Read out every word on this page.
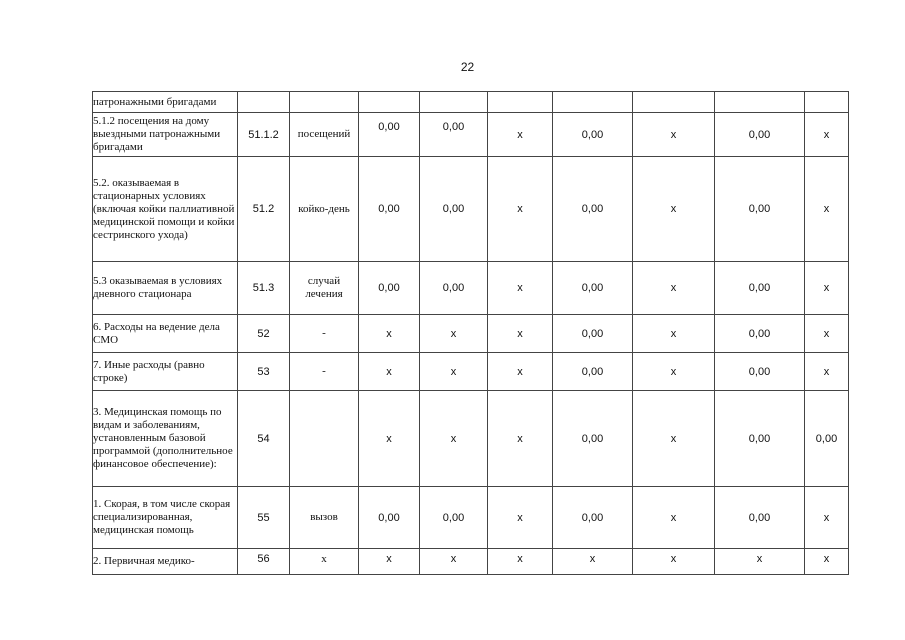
22
патронажными бригадами									
5.1.2 посещения на дому выездными патронажными бригадами	51.1.2	посещений	0,00	0,00	x	0,00	x	0,00	x
5.2. оказываемая в стационарных условиях (включая койки паллиативной медицинской помощи и койки сестринского ухода)	51.2	койко-день	0,00	0,00	x	0,00	x	0,00	x
5.3 оказываемая в условиях дневного стационара	51.3	случай лечения	0,00	0,00	x	0,00	x	0,00	x
6. Расходы на ведение дела СМО	52	-	x	x	x	0,00	x	0,00	x
7. Иные расходы (равно строке)	53	-	x	x	x	0,00	x	0,00	x
3. Медицинская помощь по видам и заболеваниям, установленным базовой программой (дополнительное финансовое обеспечение):	54		x	x	x	0,00	x	0,00	0,00
1. Скорая, в том числе скорая специализированная, медицинская помощь	55	вызов	0,00	0,00	x	0,00	x	0,00	x
2. Первичная медико-	56	x	x	x	x	x	x	x	x
